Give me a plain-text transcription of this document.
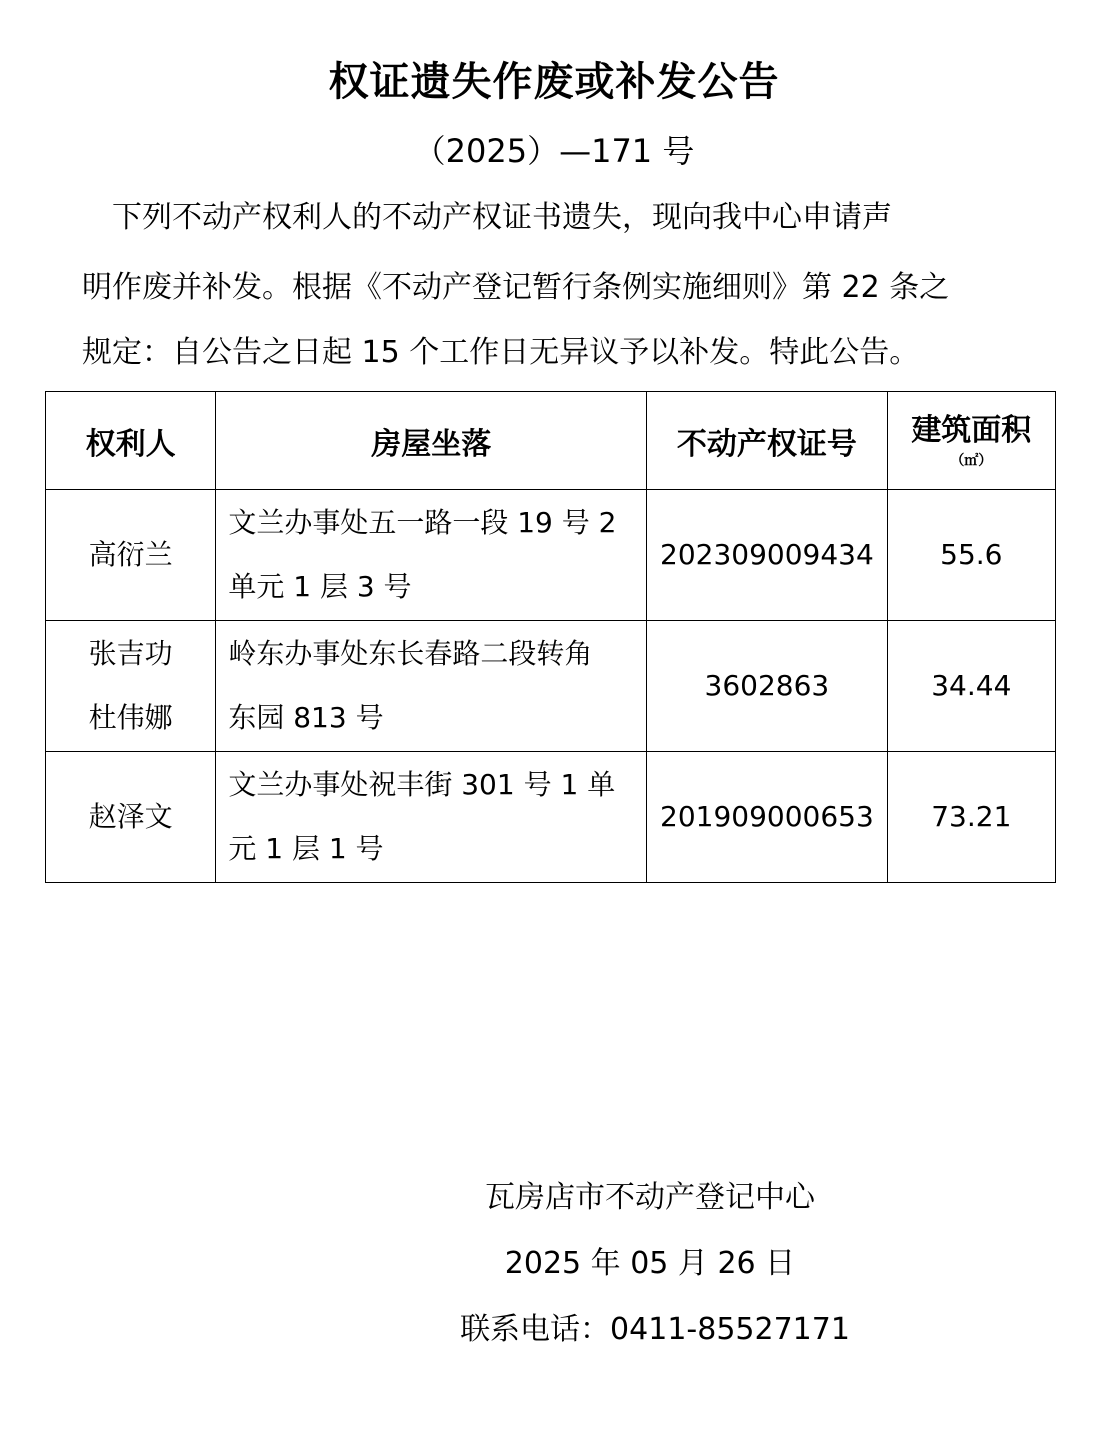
权证遗失作废或补发公告
（2025）—171 号
　下列不动产权利人的不动产权证书遗失，现向我中心申请声
明作废并补发。根据《不动产登记暂行条例实施细则》第 22 条之
规定：自公告之日起 15 个工作日无异议予以补发。特此公告。
权利人	房屋坐落	不动产权证号	建筑面积
（㎡）

高衍兰	文兰办事处五一路一段 19 号 2
单元 1 层 3 号	202309009434	55.6

张吉功
杜伟娜	岭东办事处东长春路二段转角
东园 813 号	3602863	34.44

赵泽文	文兰办事处祝丰街 301 号 1 单
元 1 层 1 号	201909000653	73.21
瓦房店市不动产登记中心
2025 年 05 月 26 日
联系电话：0411-85527171
